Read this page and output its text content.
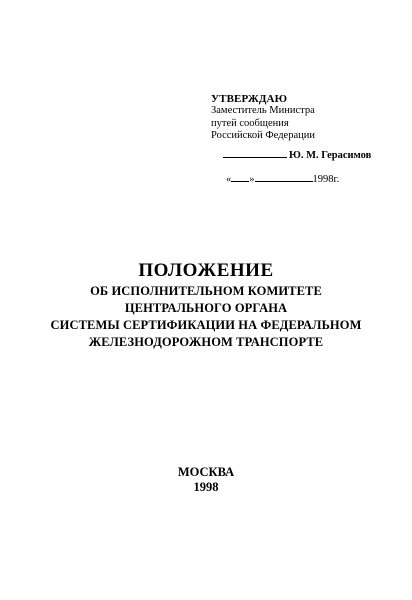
УТВЕРЖДАЮ

Заместитель Министра

путей сообщения

Российской Федерации

Ю. М. Герасимов
« »	1998г.

ПОЛОЖЕНИЕ

ОБ ИСПОЛНИТЕЛЬНОМ КОМИТЕТЕ

ЦЕНТРАЛЬНОГО ОРГАНА

СИСТЕМЫ СЕРТИФИКАЦИИ НА ФЕДЕРАЛЬНОМ

ЖЕЛЕЗНОДОРОЖНОМ ТРАНСПОРТЕ

МОСКВА

1998
